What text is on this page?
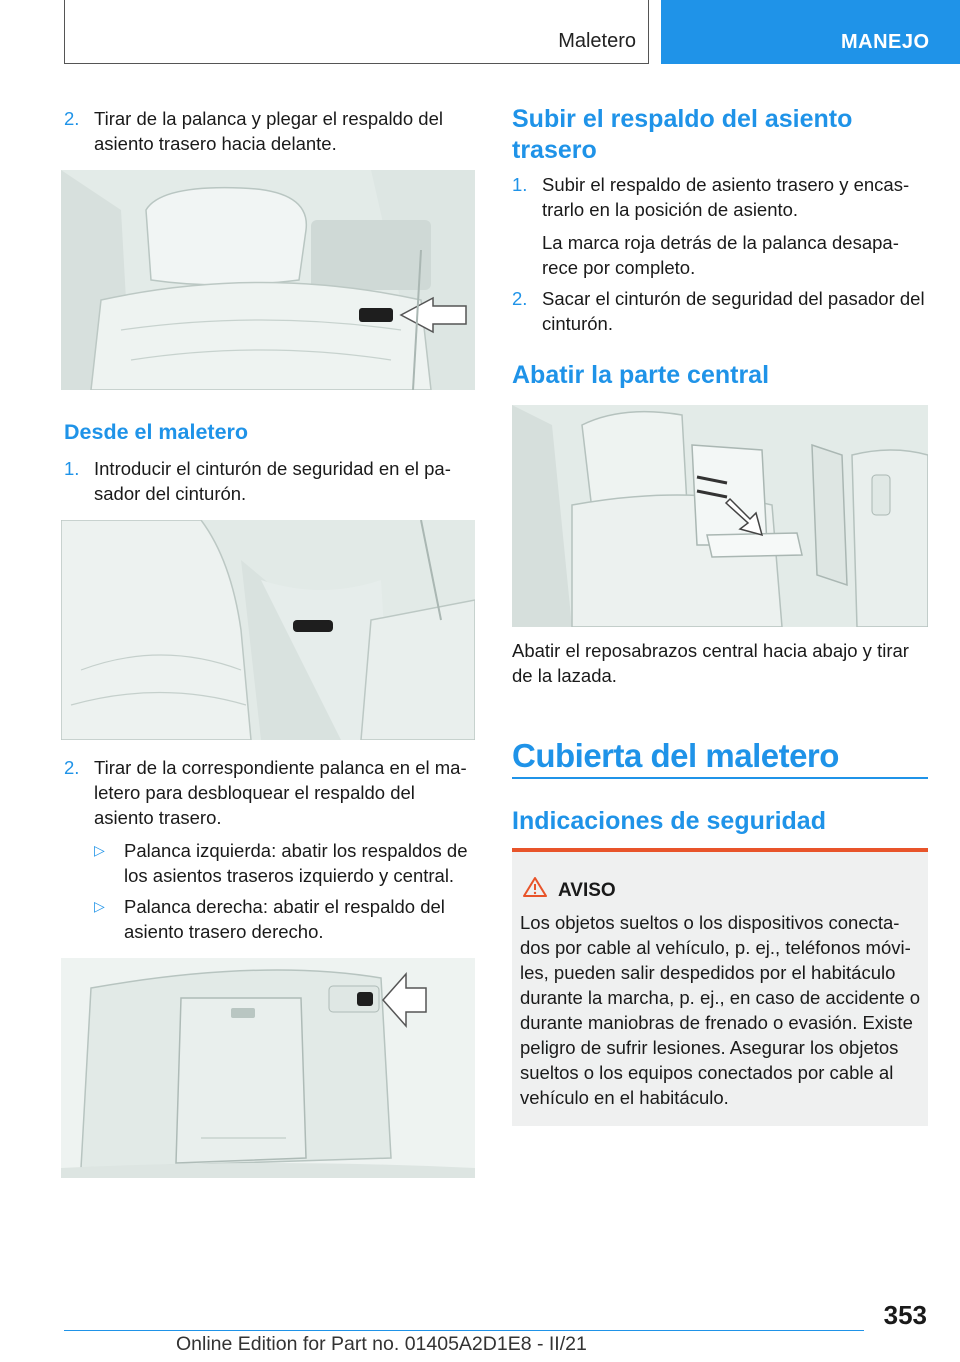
Maletero	MANEJO
2. Tirar de la palanca y plegar el respaldo del asiento trasero hacia delante.
Desde el maletero
1. Introducir el cinturón de seguridad en el pa‐sador del cinturón.
2. Tirar de la correspondiente palanca en el ma‐letero para desbloquear el respaldo del asiento trasero.
▷ Palanca izquierda: abatir los respaldos de los asientos traseros izquierdo y central.
▷ Palanca derecha: abatir el respaldo del asiento trasero derecho.
Subir el respaldo del asiento trasero
1. Subir el respaldo de asiento trasero y encas‐trarlo en la posición de asiento.
La marca roja detrás de la palanca desapa‐rece por completo.
2. Sacar el cinturón de seguridad del pasador del cinturón.
Abatir la parte central
Abatir el reposabrazos central hacia abajo y tirar de la lazada.
Cubierta del maletero
Indicaciones de seguridad
AVISO
Los objetos sueltos o los dispositivos conecta‐dos por cable al vehículo, p. ej., teléfonos móvi‐les, pueden salir despedidos por el habitáculo durante la marcha, p. ej., en caso de accidente o durante maniobras de frenado o evasión. Existe peligro de sufrir lesiones. Asegurar los objetos sueltos o los equipos conectados por cable al vehículo en el habitáculo.
353
Online Edition for Part no. 01405A2D1E8 - II/21
